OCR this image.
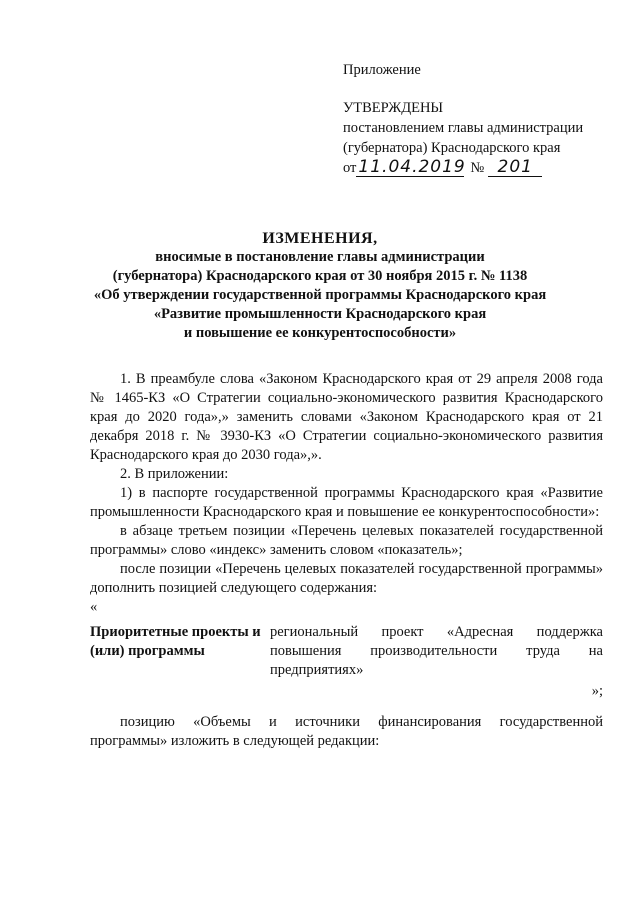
Приложение
УТВЕРЖДЕНЫ
постановлением главы администрации
(губернатора) Краснодарского края
от 11.04.2019 № 201
ИЗМЕНЕНИЯ,
вносимые в постановление главы администрации
(губернатора) Краснодарского края от 30 ноября 2015 г. № 1138
«Об утверждении государственной программы Краснодарского края
«Развитие промышленности Краснодарского края
и повышение ее конкурентоспособности»

1. В преамбуле слова «Законом Краснодарского края от 29 апреля 2008 года № 1465-КЗ «О Стратегии социально-экономического развития Краснодарского края до 2020 года»,» заменить словами «Законом Краснодарского края от 21 декабря 2018 г. № 3930-КЗ «О Стратегии социально-экономического развития Краснодарского края до 2030 года»,».

2. В приложении:

1) в паспорте государственной программы Краснодарского края «Развитие промышленности Краснодарского края и повышение ее конкурентоспособности»:

в абзаце третьем позиции «Перечень целевых показателей государственной программы» слово «индекс» заменить словом «показатель»;

после позиции «Перечень целевых показателей государственной программы» дополнить позицией следующего содержания:

«

Приоритетные проекты и (или) программы
региональный проект «Адресная поддержка повышения производительности труда на предприятиях»
»;

позицию «Объемы и источники финансирования государственной программы» изложить в следующей редакции:
